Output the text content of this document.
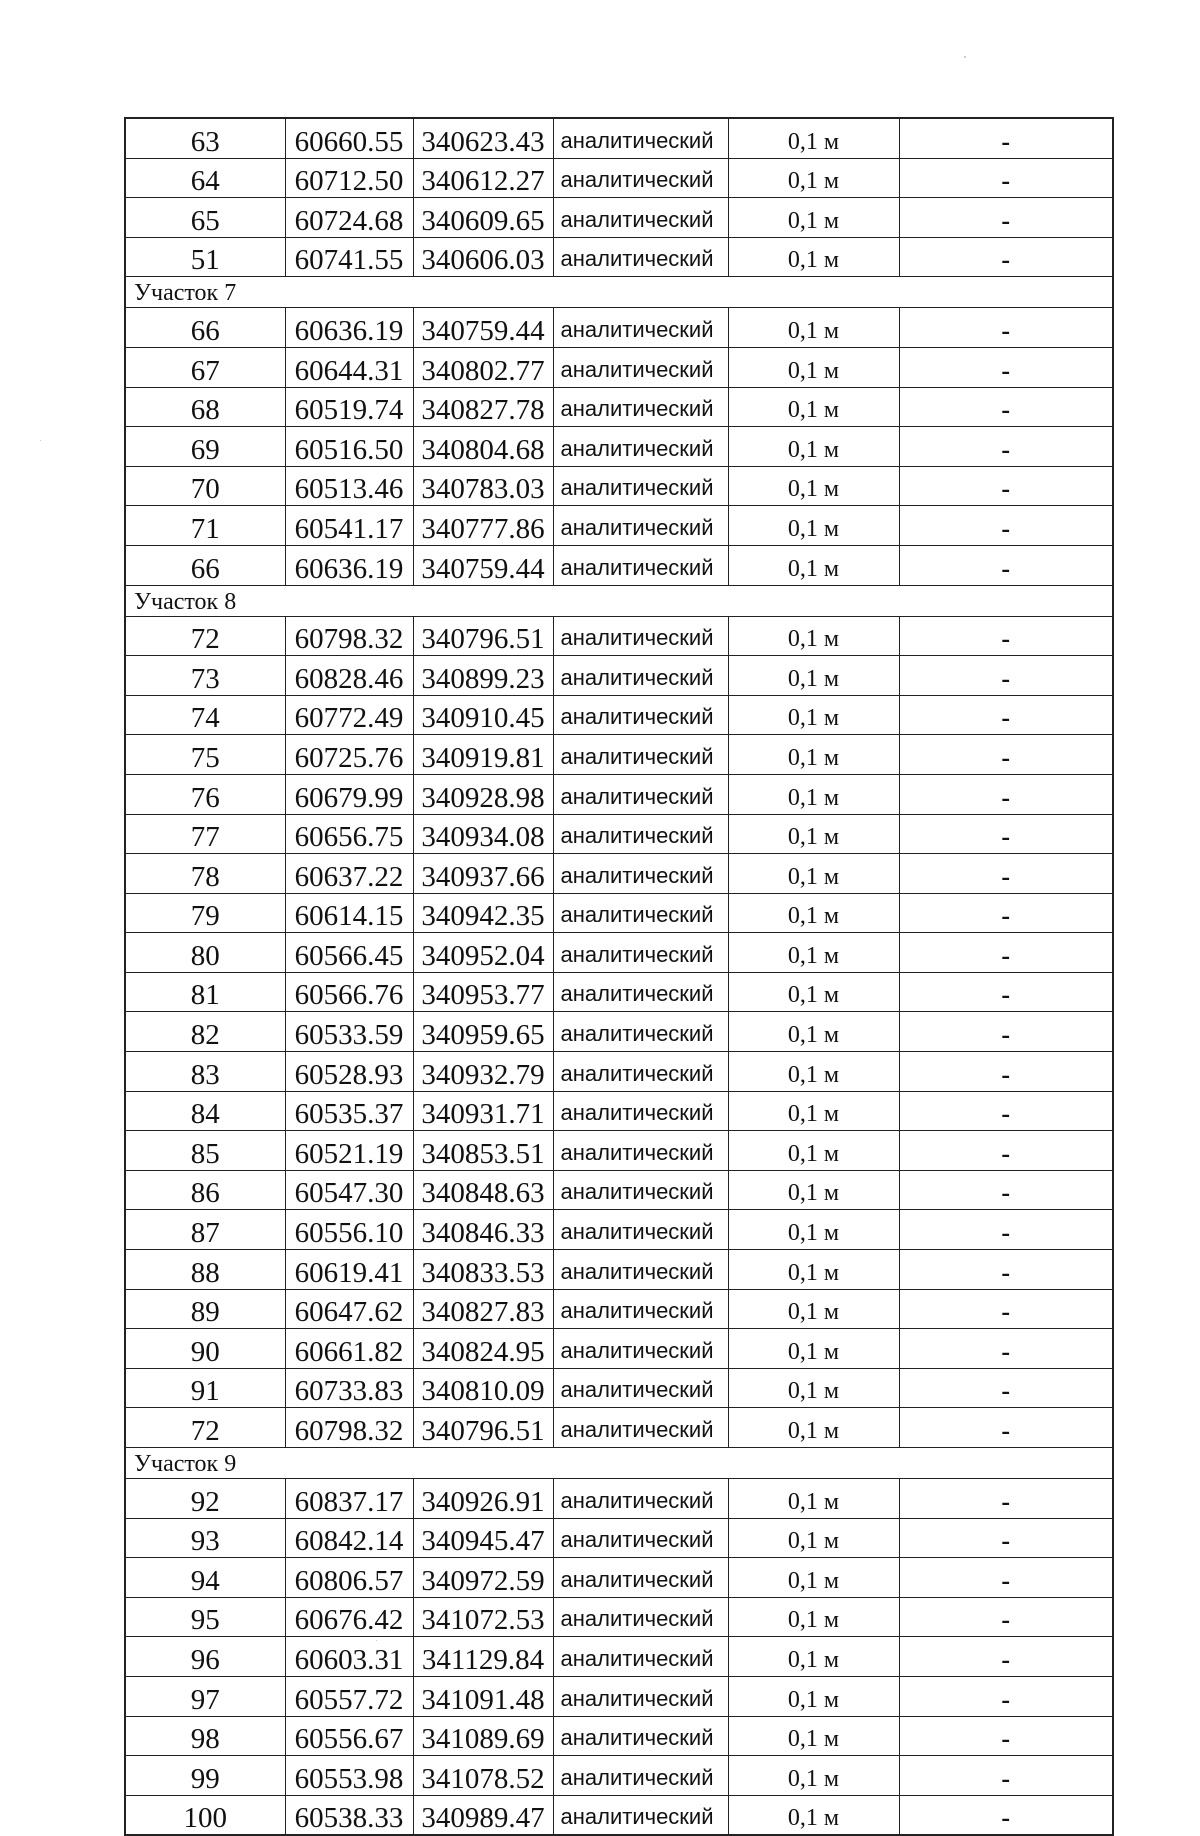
63	60660.55	340623.43	аналитический	0,1 м	-
64	60712.50	340612.27	аналитический	0,1 м	-
65	60724.68	340609.65	аналитический	0,1 м	-
51	60741.55	340606.03	аналитический	0,1 м	-
Участок 7					
66	60636.19	340759.44	аналитический	0,1 м	-
67	60644.31	340802.77	аналитический	0,1 м	-
68	60519.74	340827.78	аналитический	0,1 м	-
69	60516.50	340804.68	аналитический	0,1 м	-
70	60513.46	340783.03	аналитический	0,1 м	-
71	60541.17	340777.86	аналитический	0,1 м	-
66	60636.19	340759.44	аналитический	0,1 м	-
Участок 8					
72	60798.32	340796.51	аналитический	0,1 м	-
73	60828.46	340899.23	аналитический	0,1 м	-
74	60772.49	340910.45	аналитический	0,1 м	-
75	60725.76	340919.81	аналитический	0,1 м	-
76	60679.99	340928.98	аналитический	0,1 м	-
77	60656.75	340934.08	аналитический	0,1 м	-
78	60637.22	340937.66	аналитический	0,1 м	-
79	60614.15	340942.35	аналитический	0,1 м	-
80	60566.45	340952.04	аналитический	0,1 м	-
81	60566.76	340953.77	аналитический	0,1 м	-
82	60533.59	340959.65	аналитический	0,1 м	-
83	60528.93	340932.79	аналитический	0,1 м	-
84	60535.37	340931.71	аналитический	0,1 м	-
85	60521.19	340853.51	аналитический	0,1 м	-
86	60547.30	340848.63	аналитический	0,1 м	-
87	60556.10	340846.33	аналитический	0,1 м	-
88	60619.41	340833.53	аналитический	0,1 м	-
89	60647.62	340827.83	аналитический	0,1 м	-
90	60661.82	340824.95	аналитический	0,1 м	-
91	60733.83	340810.09	аналитический	0,1 м	-
72	60798.32	340796.51	аналитический	0,1 м	-
Участок 9					
92	60837.17	340926.91	аналитический	0,1 м	-
93	60842.14	340945.47	аналитический	0,1 м	-
94	60806.57	340972.59	аналитический	0,1 м	-
95	60676.42	341072.53	аналитический	0,1 м	-
96	60603.31	341129.84	аналитический	0,1 м	-
97	60557.72	341091.48	аналитический	0,1 м	-
98	60556.67	341089.69	аналитический	0,1 м	-
99	60553.98	341078.52	аналитический	0,1 м	-
100	60538.33	340989.47	аналитический	0,1 м	-
